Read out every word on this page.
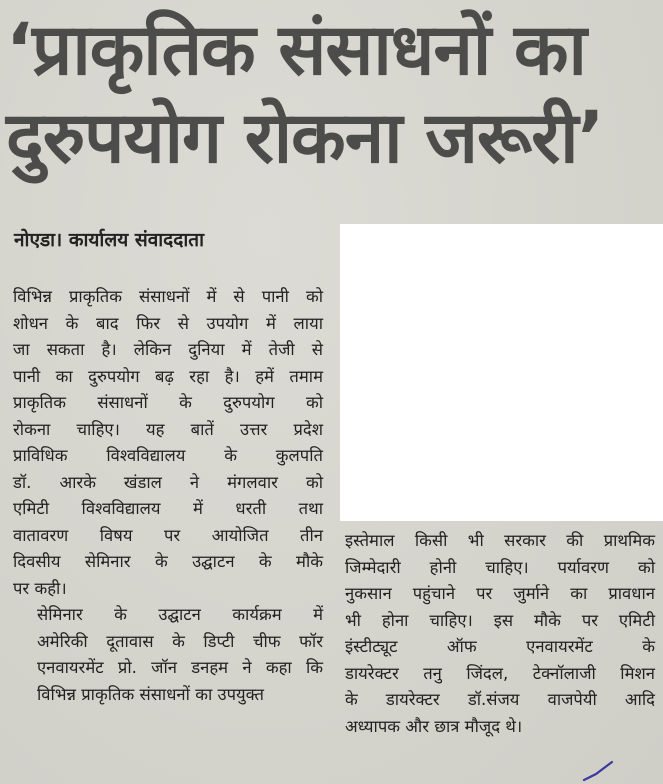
‘प्राकृतिक संसाधनों का
दुरुपयोग रोकना जरूरी’
नोएडा। कार्यालय संवाददाता

विभिन्न प्राकृतिक संसाधनों में से पानी को
शोधन के बाद फिर से उपयोग में लाया
जा सकता है। लेकिन दुनिया में तेजी से
पानी का दुरुपयोग बढ़ रहा है। हमें तमाम
प्राकृतिक संसाधनों के दुरुपयोग को
रोकना चाहिए। यह बातें उत्तर प्रदेश
प्राविधिक विश्वविद्यालय के कुलपति
डॉ. आरके खंडाल ने मंगलवार को
एमिटी विश्वविद्यालय में धरती तथा
वातावरण विषय पर आयोजित तीन
दिवसीय सेमिनार के उद्घाटन के मौके
पर कही।

सेमिनार के उद्घाटन कार्यक्रम में
अमेरिकी दूतावास के डिप्टी चीफ फॉर
एनवायरमेंट प्रो. जॉन डनहम ने कहा कि
विभिन्न प्राकृतिक संसाधनों का उपयुक्त

इस्तेमाल किसी भी सरकार की प्राथमिक
जिम्मेदारी होनी चाहिए। पर्यावरण को
नुकसान पहुंचाने पर जुर्माने का प्रावधान
भी होना चाहिए। इस मौके पर एमिटी
इंस्टीट्यूट ऑफ एनवायरमेंट के
डायरेक्टर तनु जिंदल, टेक्नॉलाजी मिशन
के डायरेक्टर डॉ.संजय वाजपेयी आदि
अध्यापक और छात्र मौजूद थे।
